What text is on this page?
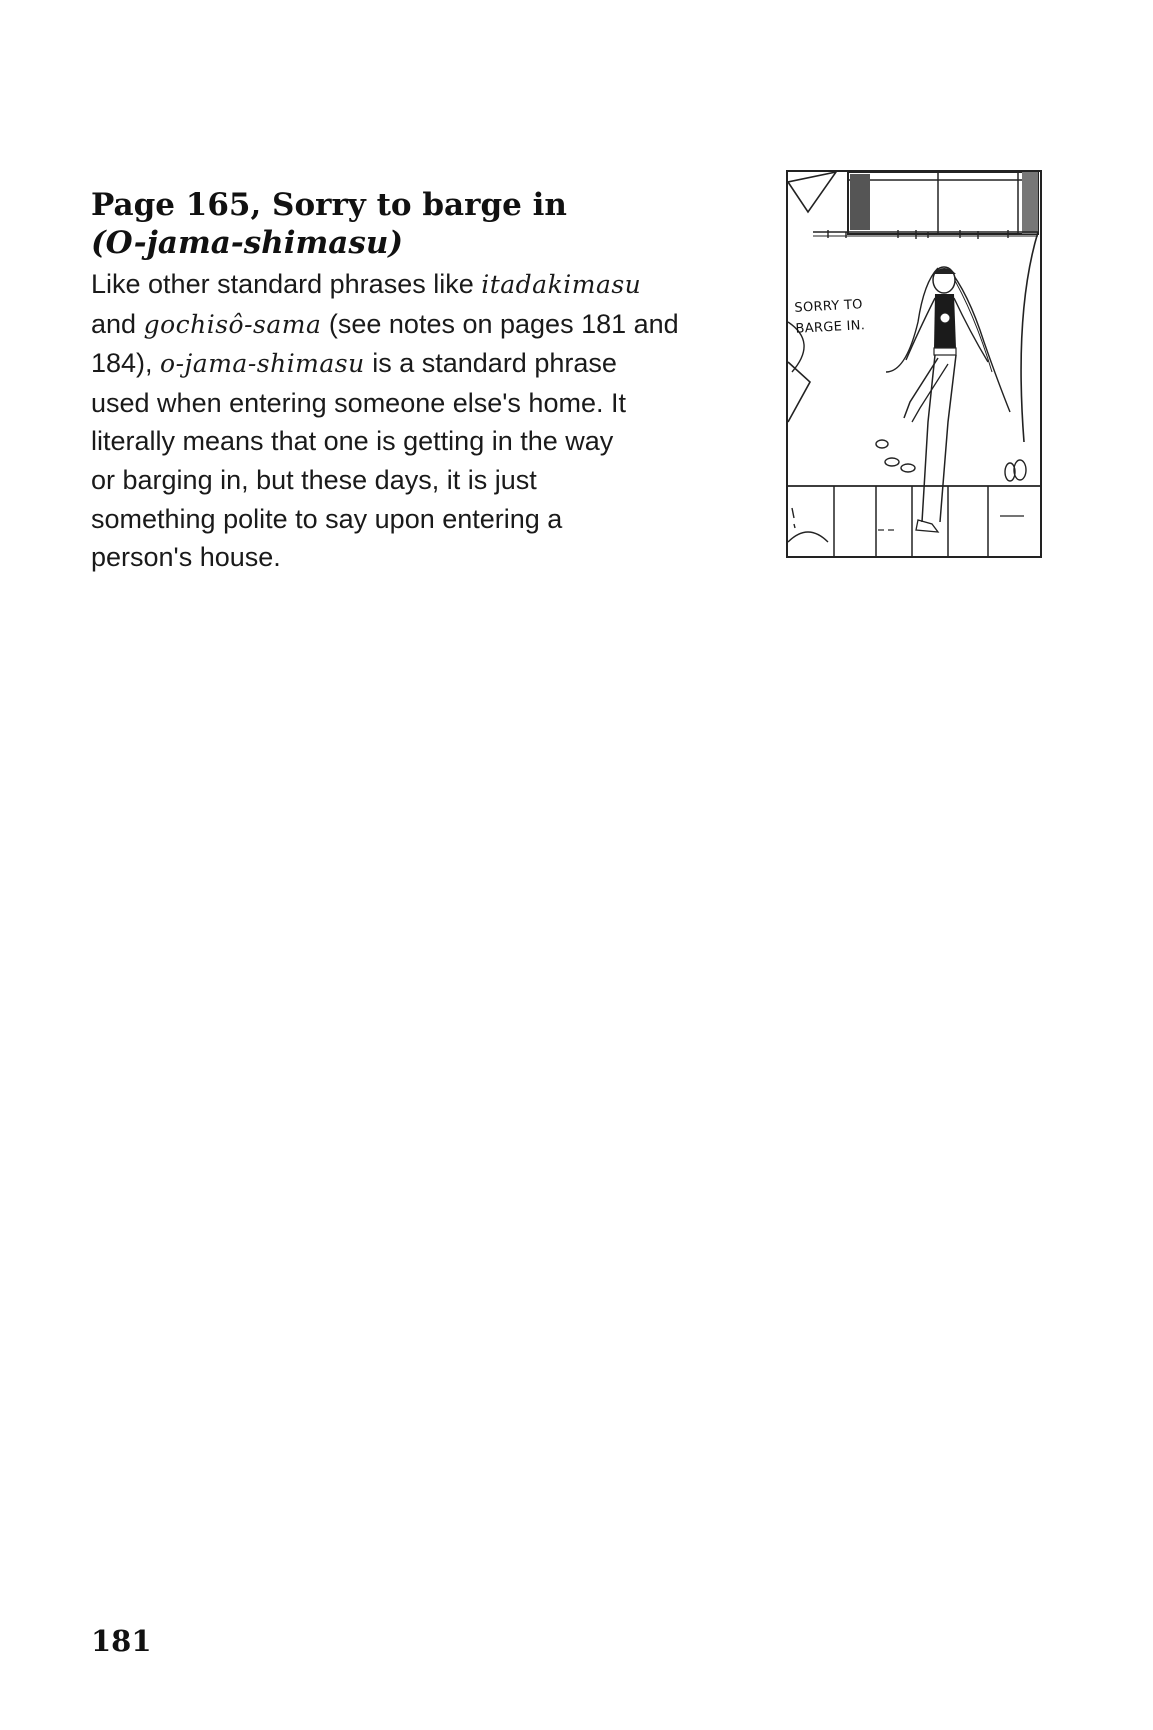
Page 165, Sorry to barge in
(O-jama-shimasu)

Like other standard phrases like itadakimasu
and gochisô-sama (see notes on pages 181 and
184), o-jama-shimasu is a standard phrase
used when entering someone else's home. It
literally means that one is getting in the way
or barging in, but these days, it is just
something polite to say upon entering a
person's house.

SORRY TO
BARGE IN.
181
